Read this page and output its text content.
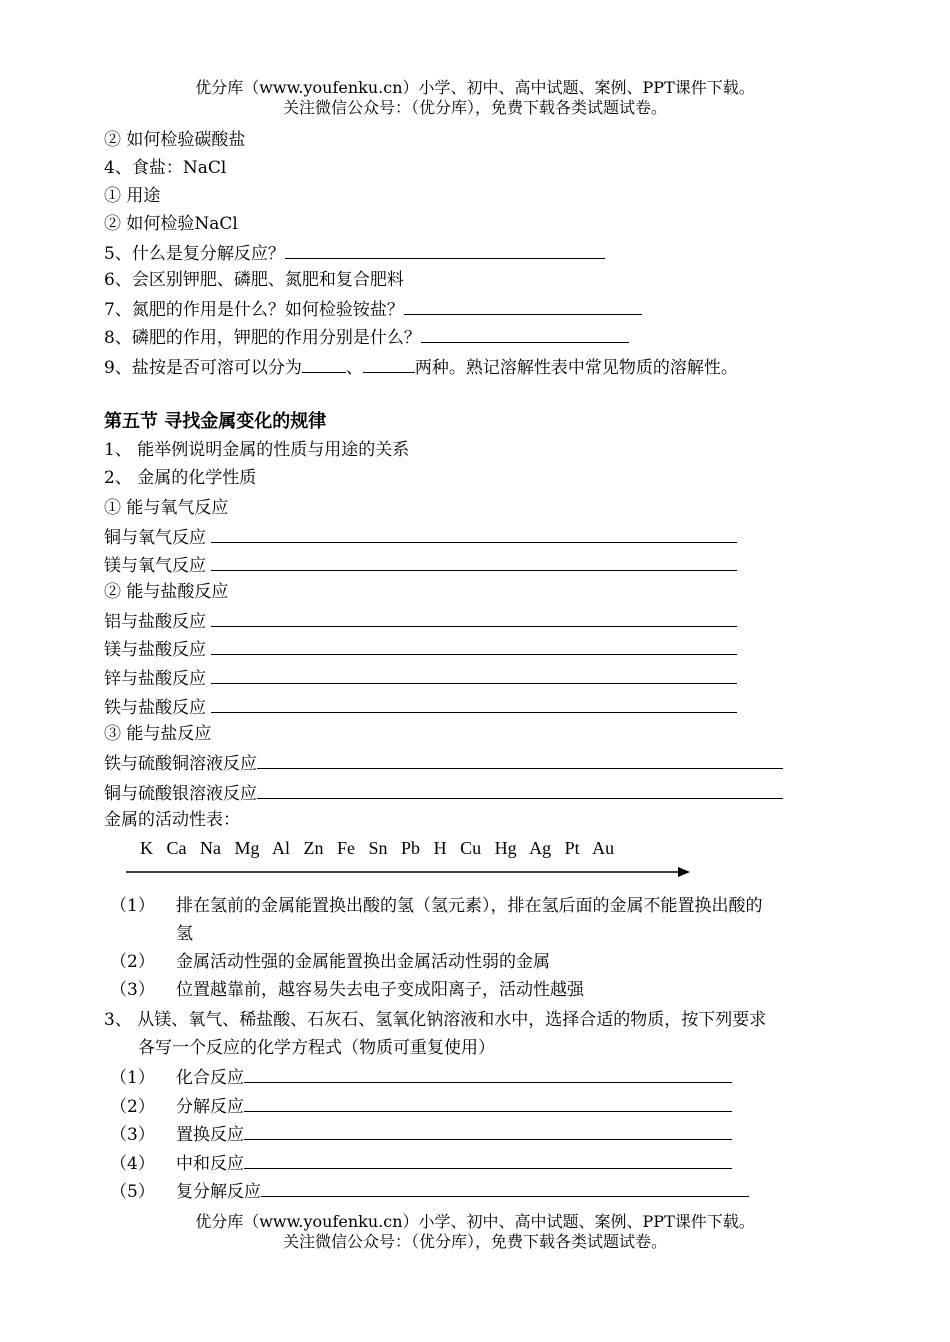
优分库（www.youfenku.cn）小学、初中、高中试题、案例、PPT课件下载。
关注微信公众号：（优分库），免费下载各类试题试卷。
② 如何检验碳酸盐
4、食盐：NaCl
① 用途
② 如何检验NaCl
5、什么是复分解反应？
6、会区别钾肥、磷肥、氮肥和复合肥料
7、氮肥的作用是什么？如何检验铵盐？
8、磷肥的作用，钾肥的作用分别是什么？
9、盐按是否可溶可以分为	、	两种。熟记溶解性表中常见物质的溶解性。
第五节 寻找金属变化的规律
1、 能举例说明金属的性质与用途的关系
2、 金属的化学性质
① 能与氧气反应
铜与氧气反应
镁与氧气反应
② 能与盐酸反应
铝与盐酸反应
镁与盐酸反应
锌与盐酸反应
铁与盐酸反应
③ 能与盐反应
铁与硫酸铜溶液反应
铜与硫酸银溶液反应
金属的活动性表：
K Ca Na Mg Al Zn Fe Sn Pb H Cu Hg Ag Pt Au
（1） 排在氢前的金属能置换出酸的氢（氢元素），排在氢后面的金属不能置换出酸的
氢
（2） 金属活动性强的金属能置换出金属活动性弱的金属
（3） 位置越靠前，越容易失去电子变成阳离子，活动性越强
3、 从镁、氧气、稀盐酸、石灰石、氢氧化钠溶液和水中，选择合适的物质，按下列要求
各写一个反应的化学方程式（物质可重复使用）
（1） 化合反应
（2） 分解反应
（3） 置换反应
（4） 中和反应
（5） 复分解反应
优分库（www.youfenku.cn）小学、初中、高中试题、案例、PPT课件下载。
关注微信公众号：（优分库），免费下载各类试题试卷。
